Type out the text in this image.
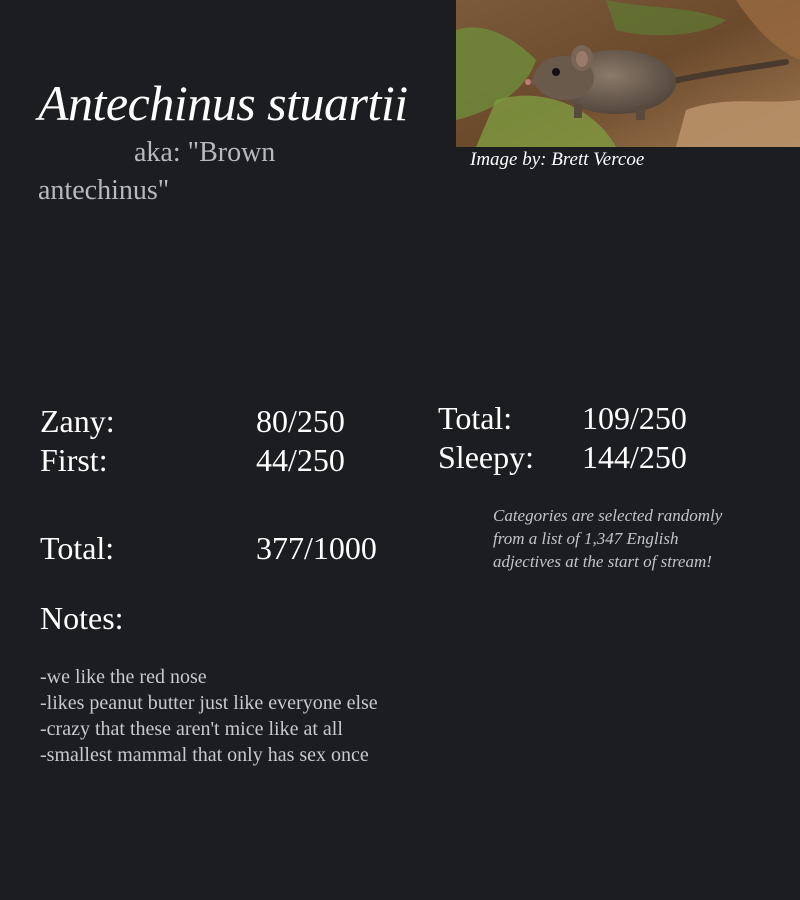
Antechinus stuartii

aka: "Brown antechinus"

Image by: Brett Vercoe

Zany:	80/250
First:	44/250
Total: 109/250
Sleepy: 144/250
Total:	377/1000

Categories are selected randomly from a list of 1,347 English adjectives at the start of stream!

Notes:
-we like the red nose
-likes peanut butter just like everyone else
-crazy that these aren't mice like at all
-smallest mammal that only has sex once
